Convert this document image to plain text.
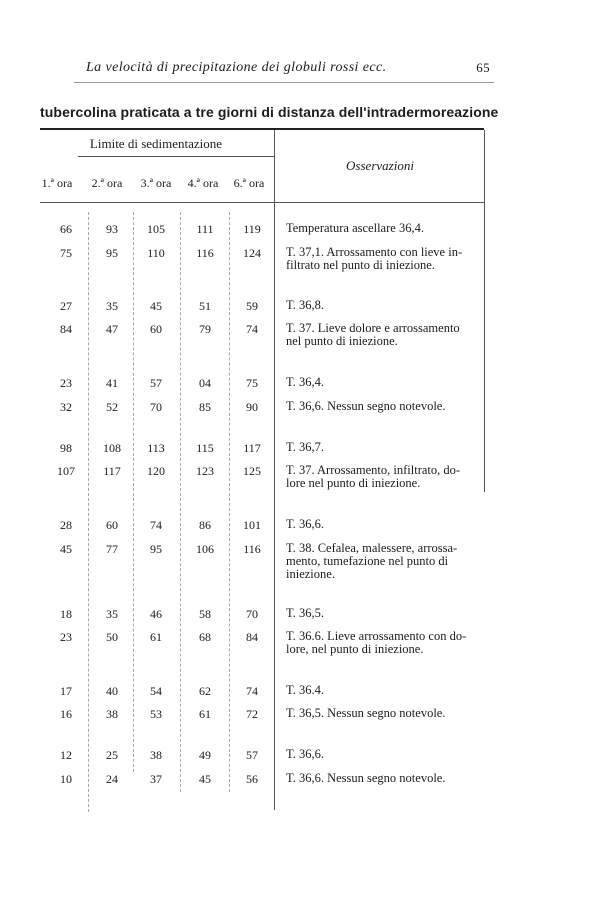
La velocità di precipitazione dei globuli rossi ecc.	65
tubercolina praticata a tre giorni di distanza dell'intradermoreazione
Limite di sedimentazione
Osservazioni
1.ª ora	2.ª ora	3.ª ora	4.ª ora	6.ª ora
66	93	105	111	119	Temperatura ascellare 36,4.
75	95	110	116	124	T. 37,1. Arrossamento con lieve in-
filtrato nel punto di iniezione.
27	35	45	51	59	T. 36,8.
84	47	60	79	74	T. 37. Lieve dolore e arrossamento
nel punto di iniezione.
23	41	57	04	75	T. 36,4.
32	52	70	85	90	T. 36,6. Nessun segno notevole.
98	108	113	115	117	T. 36,7.
107	117	120	123	125	T. 37. Arrossamento, infiltrato, do-
lore nel punto di iniezione.
28	60	74	86	101	T. 36,6.
45	77	95	106	116	T. 38. Cefalea, malessere, arrossa-
mento, tumefazione nel punto di
iniezione.
18	35	46	58	70	T. 36,5.
23	50	61	68	84	T. 36.6. Lieve arrossamento con do-
lore, nel punto di iniezione.
17	40	54	62	74	T. 36.4.
16	38	53	61	72	T. 36,5. Nessun segno notevole.
12	25	38	49	57	T. 36,6.
10	24	37	45	56	T. 36,6. Nessun segno notevole.
